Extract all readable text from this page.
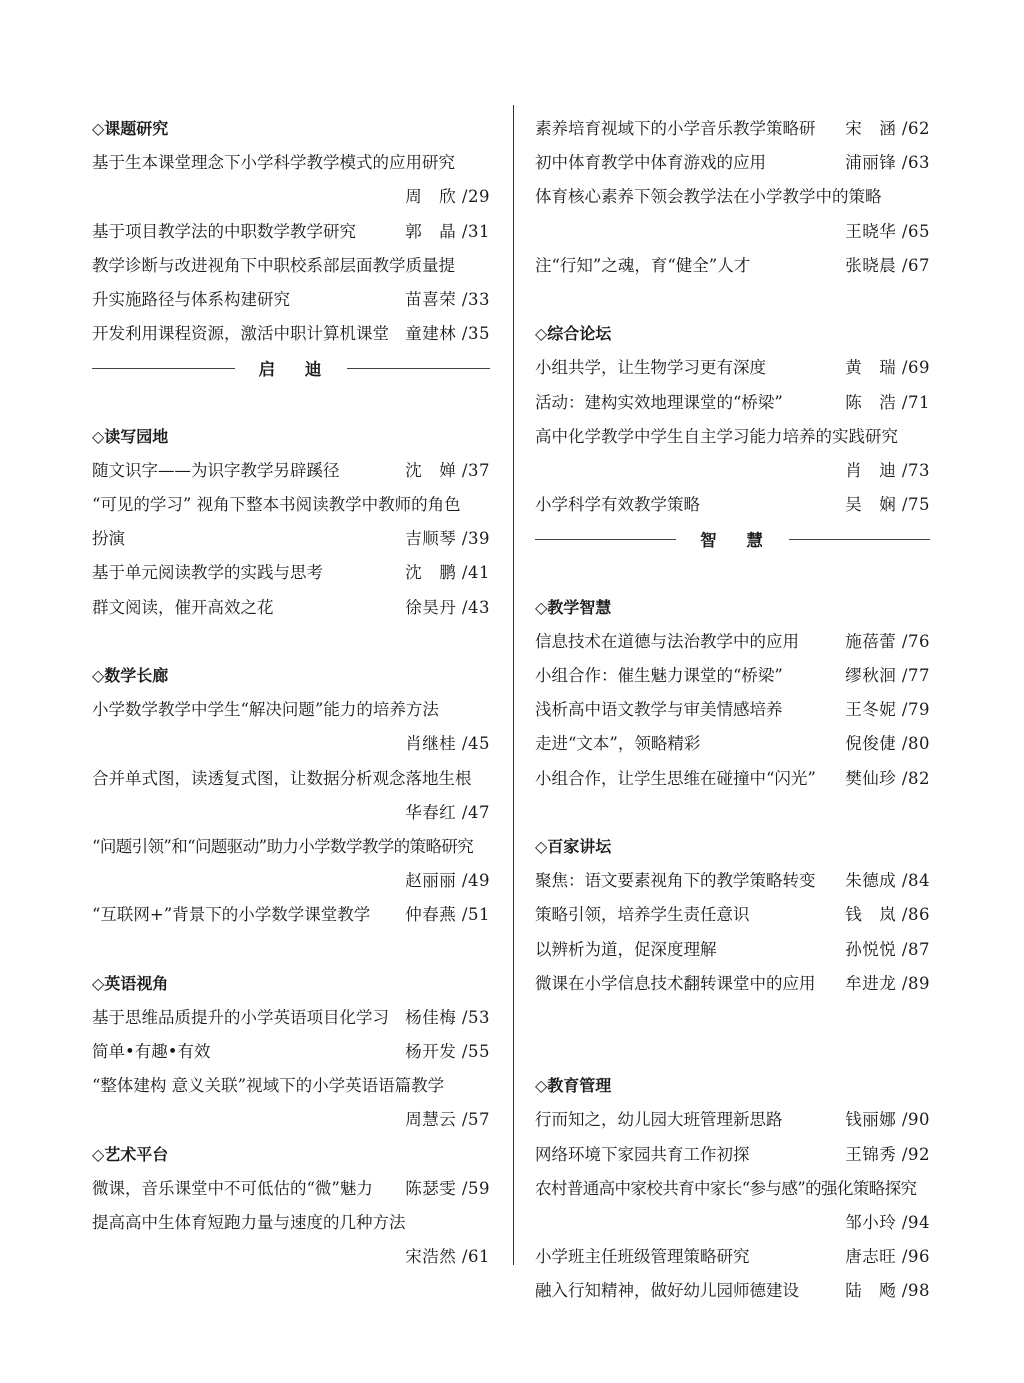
◇课题研究
基于生本课堂理念下小学科学教学模式的应用研究
周　欣 /29
基于项目教学法的中职数学教学研究	郭　晶 /31
教学诊断与改进视角下中职校系部层面教学质量提
升实施路径与体系构建研究	苗喜荣 /33
开发利用课程资源，激活中职计算机课堂 童建林 /35
启 迪
◇读写园地
随文识字——为识字教学另辟蹊径	沈　婵 /37
“可见的学习” 视角下整本书阅读教学中教师的角色
扮演	吉顺琴 /39
基于单元阅读教学的实践与思考	沈　鹏 /41
群文阅读，催开高效之花	徐昊丹 /43
◇数学长廊
小学数学教学中学生“解决问题”能力的培养方法
肖继桂 /45
合并单式图，读透复式图，让数据分析观念落地生根
华春红 /47
“问题引领”和“问题驱动”助力小学数学教学的策略研究
赵丽丽 /49
“互联网+”背景下的小学数学课堂教学 仲春燕 /51
◇英语视角
基于思维品质提升的小学英语项目化学习 杨佳梅 /53
简单•有趣•有效	杨开发 /55
“整体建构 意义关联”视域下的小学英语语篇教学
周慧云 /57
◇艺术平台
微课，音乐课堂中不可低估的“微”魅力 陈瑟雯 /59
提高高中生体育短跑力量与速度的几种方法
宋浩然 /61
素养培育视域下的小学音乐教学策略研 宋　涵 /62
初中体育教学中体育游戏的应用	浦丽锋 /63
体育核心素养下领会教学法在小学教学中的策略
王晓华 /65
注“行知”之魂，育“健全”人才	张晓晨 /67
◇综合论坛
小组共学，让生物学习更有深度	黄　瑞 /69
活动：建构实效地理课堂的“桥梁”	陈　浩 /71
高中化学教学中学生自主学习能力培养的实践研究
肖　迪 /73
小学科学有效教学策略	吴　娴 /75
智 慧
◇教学智慧
信息技术在道德与法治教学中的应用	施蓓蕾 /76
小组合作：催生魅力课堂的“桥梁”	缪秋洄 /77
浅析高中语文教学与审美情感培养	王冬妮 /79
走进“文本”，领略精彩	倪俊倢 /80
小组合作，让学生思维在碰撞中“闪光” 樊仙珍 /82
◇百家讲坛
聚焦：语文要素视角下的教学策略转变 朱德成 /84
策略引领，培养学生责任意识	钱　岚 /86
以辨析为道，促深度理解	孙悦悦 /87
微课在小学信息技术翻转课堂中的应用 牟进龙 /89
◇教育管理
行而知之，幼儿园大班管理新思路	钱丽娜 /90
网络环境下家园共育工作初探	王锦秀 /92
农村普通高中家校共育中家长“参与感”的强化策略探究
邹小玲 /94
小学班主任班级管理策略研究	唐志旺 /96
融入行知精神，做好幼儿园师德建设	陆　飏 /98
